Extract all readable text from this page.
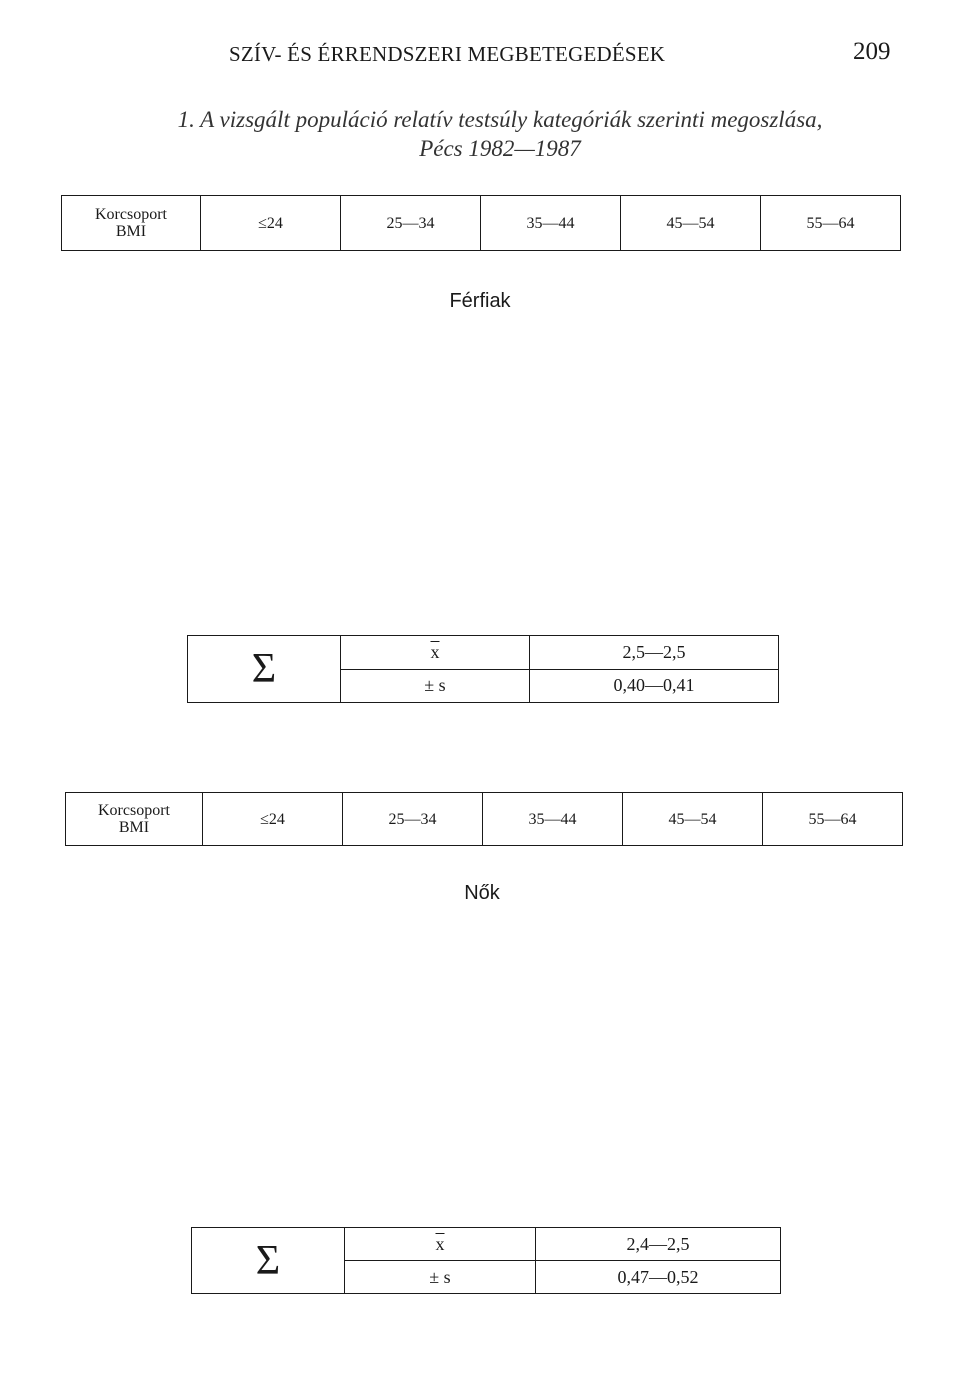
SZÍV- ÉS ÉRRENDSZERI MEGBETEGEDÉSEK	209
1. A vizsgált populáció relatív testsúly kategóriák szerinti megoszlása,
Pécs 1982—1987
Korcsoport
BMI	≤24	25—34	35—44	45—54	55—64
Férfiak
Σ	$\overline{x}$	2,5—2,5
	± s	0,40—0,41
Korcsoport
BMI	≤24	25—34	35—44	45—54	55—64
Nők
Σ	$\overline{x}$	2,4—2,5
	± s	0,47—0,52
